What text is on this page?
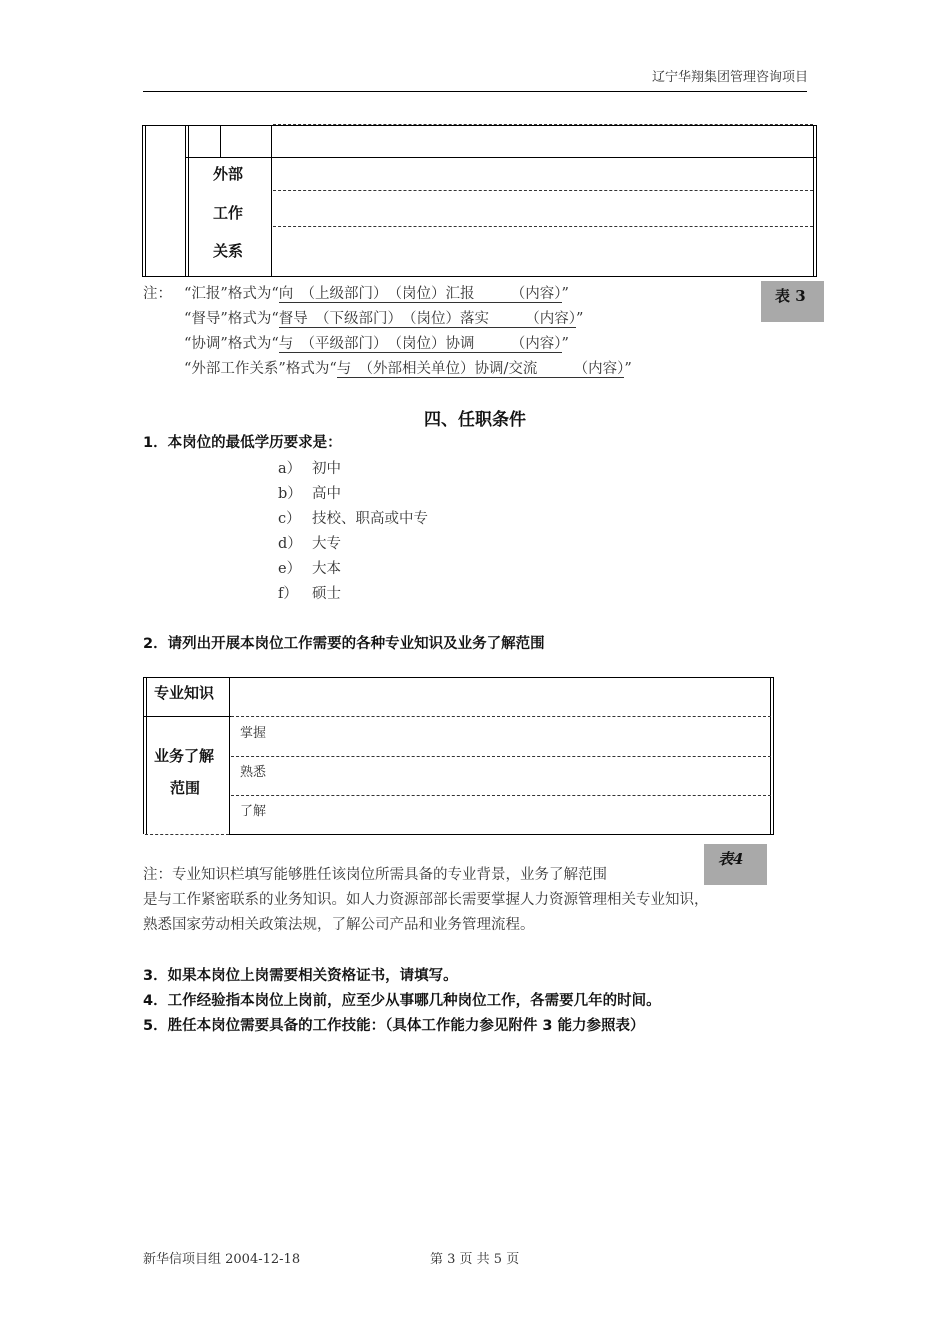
辽宁华翔集团管理咨询项目
外部
工作
关系
表 3
注： “汇报”格式为“向　（上级部门）　（岗位）汇报　　　（内容）”
“督导”格式为“督导　（下级部门）　（岗位）落实　　　（内容）”
“协调”格式为“与　（平级部门）　（岗位）协调　　　（内容）”
“外部工作关系”格式为“与　（外部相关单位）协调/交流　　　（内容）”
四、任职条件
1．本岗位的最低学历要求是：
a） 初中
b） 高中
c） 技校、职高或中专
d） 大专
e） 大本
f） 硕士
2．请列出开展本岗位工作需要的各种专业知识及业务了解范围
专业知识
业务了解
范围
掌握
熟悉
了解
表4
注：专业知识栏填写能够胜任该岗位所需具备的专业背景，业务了解范围
是与工作紧密联系的业务知识。如人力资源部部长需要掌握人力资源管理相关专业知识，
熟悉国家劳动相关政策法规，了解公司产品和业务管理流程。
3．如果本岗位上岗需要相关资格证书，请填写。
4．工作经验指本岗位上岗前，应至少从事哪几种岗位工作，各需要几年的时间。
5．胜任本岗位需要具备的工作技能：（具体工作能力参见附件 3 能力参照表）
新华信项目组 2004-12-18	第 3 页 共 5 页
